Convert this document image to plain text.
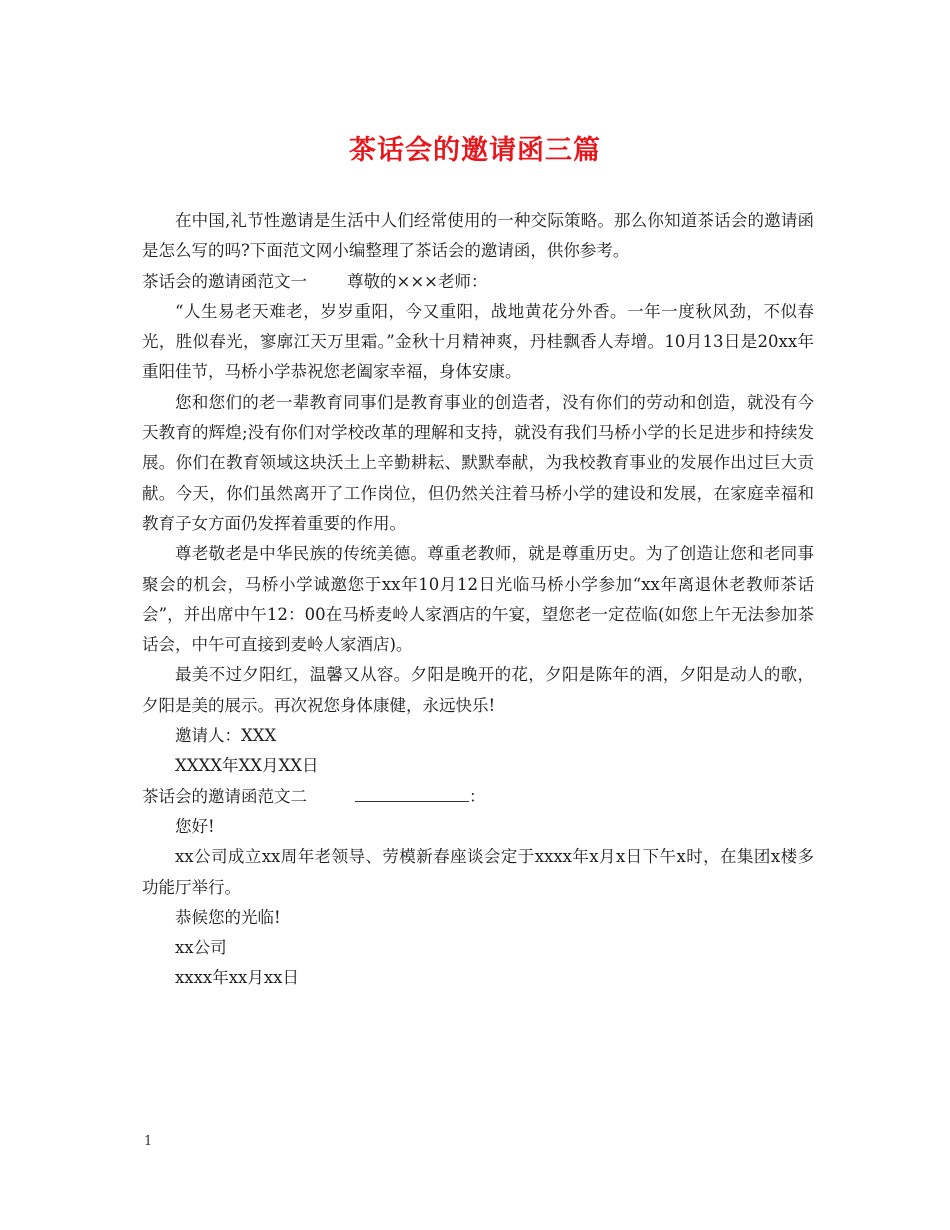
茶话会的邀请函三篇

在中国,礼节性邀请是生活中人们经常使用的一种交际策略。那么你知道茶话会的邀请函是怎么写的吗?下面范文网小编整理了茶话会的邀请函，供你参考。

茶话会的邀请函范文一 尊敬的×××老师：

“人生易老天难老，岁岁重阳，今又重阳，战地黄花分外香。一年一度秋风劲，不似春光，胜似春光，寥廓江天万里霜。”金秋十月精神爽，丹桂飘香人寿增。10月13日是20xx年重阳佳节，马桥小学恭祝您老阖家幸福，身体安康。

您和您们的老一辈教育同事们是教育事业的创造者，没有你们的劳动和创造，就没有今天教育的辉煌;没有你们对学校改革的理解和支持，就没有我们马桥小学的长足进步和持续发展。你们在教育领域这块沃土上辛勤耕耘、默默奉献，为我校教育事业的发展作出过巨大贡献。今天，你们虽然离开了工作岗位，但仍然关注着马桥小学的建设和发展，在家庭幸福和教育子女方面仍发挥着重要的作用。

尊老敬老是中华民族的传统美德。尊重老教师，就是尊重历史。为了创造让您和老同事聚会的机会，马桥小学诚邀您于xx年10月12日光临马桥小学参加“xx年离退休老教师茶话会”，并出席中午12：00在马桥麦岭人家酒店的午宴，望您老一定莅临(如您上午无法参加茶话会，中午可直接到麦岭人家酒店)。

最美不过夕阳红，温馨又从容。夕阳是晚开的花，夕阳是陈年的酒，夕阳是动人的歌，夕阳是美的展示。再次祝您身体康健，永远快乐!

邀请人：XXX

XXXX年XX月XX日

茶话会的邀请函范文二	：

您好!

xx公司成立xx周年老领导、劳模新春座谈会定于xxxx年x月x日下午x时，在集团x楼多功能厅举行。

恭候您的光临!

xx公司

xxxx年xx月xx日

1
